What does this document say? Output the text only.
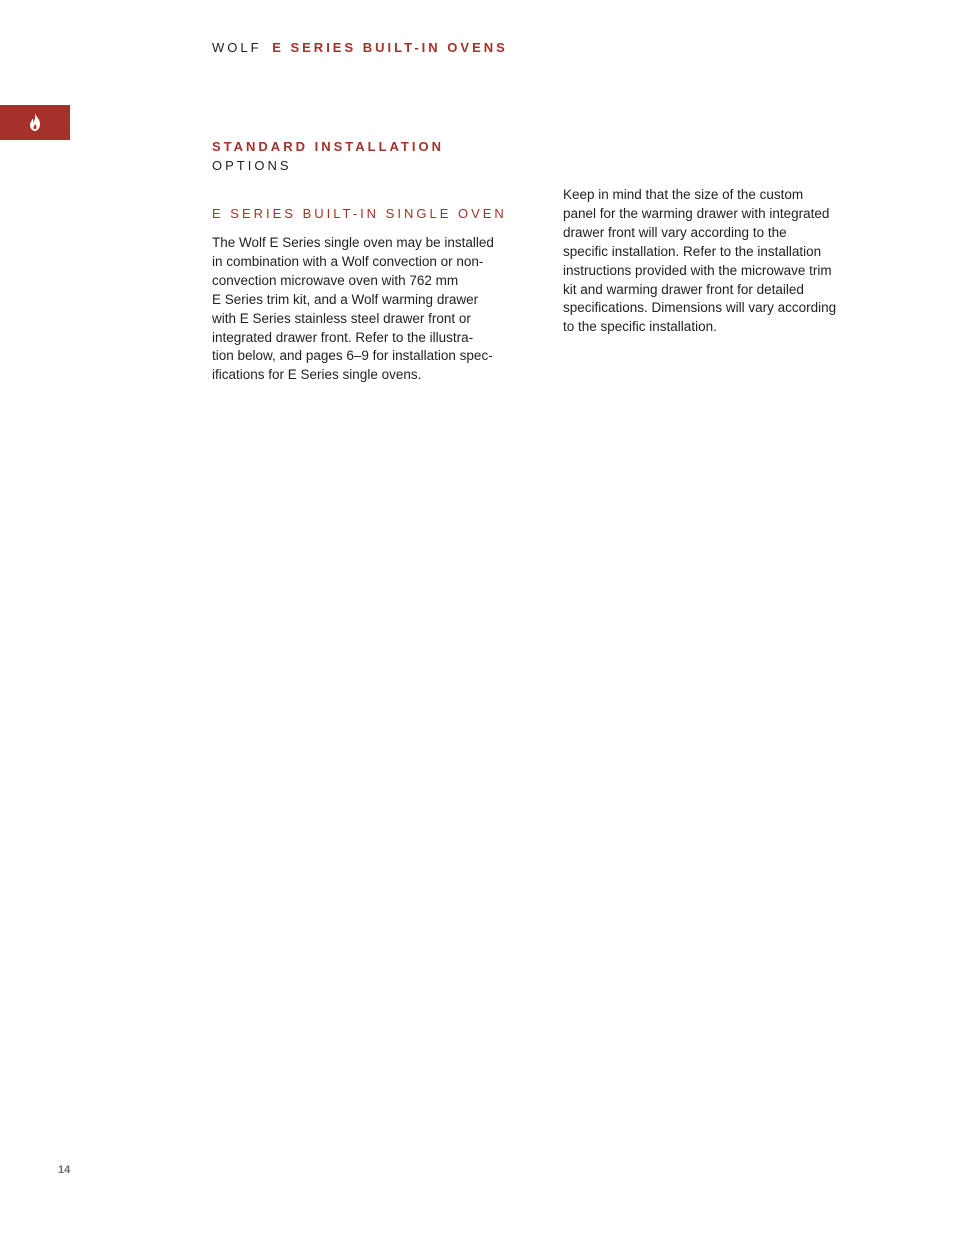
WOLF E SERIES BUILT-IN OVENS
STANDARD INSTALLATION
OPTIONS
E SERIES BUILT-IN SINGLE OVEN
The Wolf E Series single oven may be installed
in combination with a Wolf convection or non-
convection microwave oven with 762 mm
E Series trim kit, and a Wolf warming drawer
with E Series stainless steel drawer front or
integrated drawer front. Refer to the illustra-
tion below, and pages 6–9 for installation spec-
ifications for E Series single ovens.
Keep in mind that the size of the custom
panel for the warming drawer with integrated
drawer front will vary according to the
specific installation. Refer to the installation
instructions provided with the microwave trim
kit and warming drawer front for detailed
specifications. Dimensions will vary according
to the specific installation.
14
